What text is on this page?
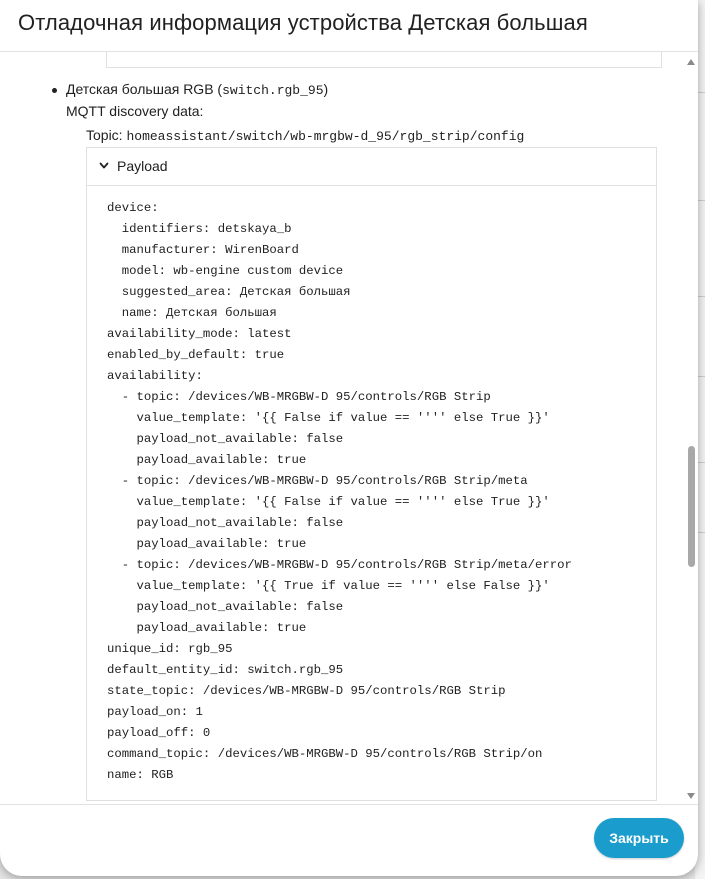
Отладочная информация устройства Детская большая
Детская большая RGB (switch.rgb_95)
MQTT discovery data:
Topic: homeassistant/switch/wb-mrgbw-d_95/rgb_strip/config
Payload
device:
identifiers: detskaya_b
manufacturer: WirenBoard
model: wb-engine custom device
suggested_area: Детская большая
name: Детская большая
availability_mode: latest
enabled_by_default: true
availability:
- topic: /devices/WB-MRGBW-D 95/controls/RGB Strip
value_template: '{{ False if value == '''' else True }}'
payload_not_available: false
payload_available: true
- topic: /devices/WB-MRGBW-D 95/controls/RGB Strip/meta
value_template: '{{ False if value == '''' else True }}'
payload_not_available: false
payload_available: true
- topic: /devices/WB-MRGBW-D 95/controls/RGB Strip/meta/error
value_template: '{{ True if value == '''' else False }}'
payload_not_available: false
payload_available: true
unique_id: rgb_95
default_entity_id: switch.rgb_95
state_topic: /devices/WB-MRGBW-D 95/controls/RGB Strip
payload_on: 1
payload_off: 0
command_topic: /devices/WB-MRGBW-D 95/controls/RGB Strip/on
name: RGB
Закрыть
